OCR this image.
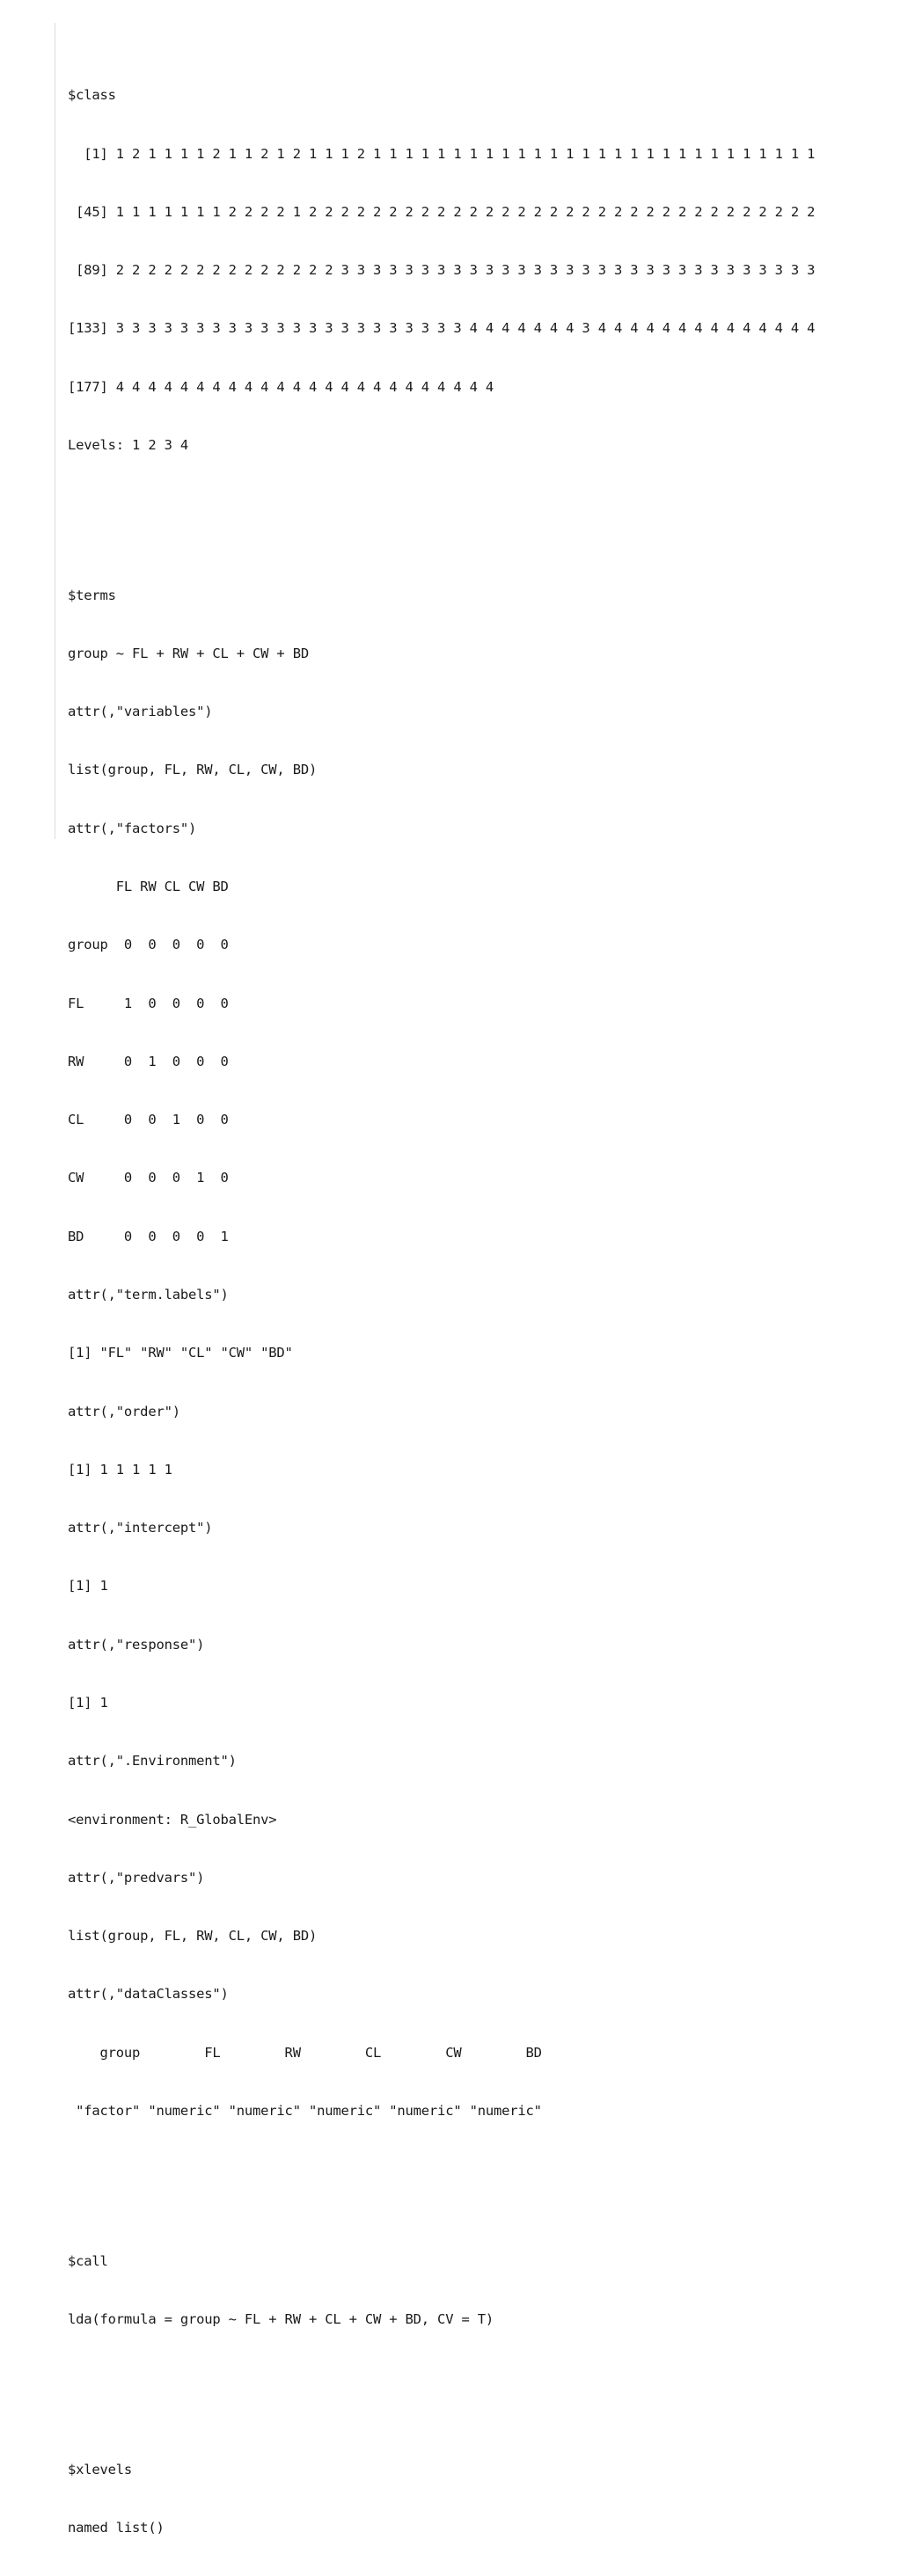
$class

[1] 1 2 1 1 1 1 2 1 1 2 1 2 1 1 1 2 1 1 1 1 1 1 1 1 1 1 1 1 1 1 1 1 1 1 1 1 1 1 1 1 1 1 1 1

[45] 1 1 1 1 1 1 1 2 2 2 2 1 2 2 2 2 2 2 2 2 2 2 2 2 2 2 2 2 2 2 2 2 2 2 2 2 2 2 2 2 2 2 2 2

[89] 2 2 2 2 2 2 2 2 2 2 2 2 2 2 3 3 3 3 3 3 3 3 3 3 3 3 3 3 3 3 3 3 3 3 3 3 3 3 3 3 3 3 3 3

[133] 3 3 3 3 3 3 3 3 3 3 3 3 3 3 3 3 3 3 3 3 3 3 4 4 4 4 4 4 4 3 4 4 4 4 4 4 4 4 4 4 4 4 4 4

[177] 4 4 4 4 4 4 4 4 4 4 4 4 4 4 4 4 4 4 4 4 4 4 4 4

Levels: 1 2 3 4

$terms

group ~ FL + RW + CL + CW + BD

attr(,"variables")

list(group, FL, RW, CL, CW, BD)

attr(,"factors")

FL RW CL CW BD

group  0  0  0  0  0

FL     1  0  0  0  0

RW     0  1  0  0  0

CL     0  0  1  0  0

CW     0  0  0  1  0

BD     0  0  0  0  1

attr(,"term.labels")

[1] "FL" "RW" "CL" "CW" "BD"

attr(,"order")

[1] 1 1 1 1 1

attr(,"intercept")

[1] 1

attr(,"response")

[1] 1

attr(,".Environment")

<environment: R_GlobalEnv>

attr(,"predvars")

list(group, FL, RW, CL, CW, BD)

attr(,"dataClasses")

group        FL        RW        CL        CW        BD

"factor" "numeric" "numeric" "numeric" "numeric" "numeric"

$call

lda(formula = group ~ FL + RW + CL + CW + BD, CV = T)

$xlevels

named list()
